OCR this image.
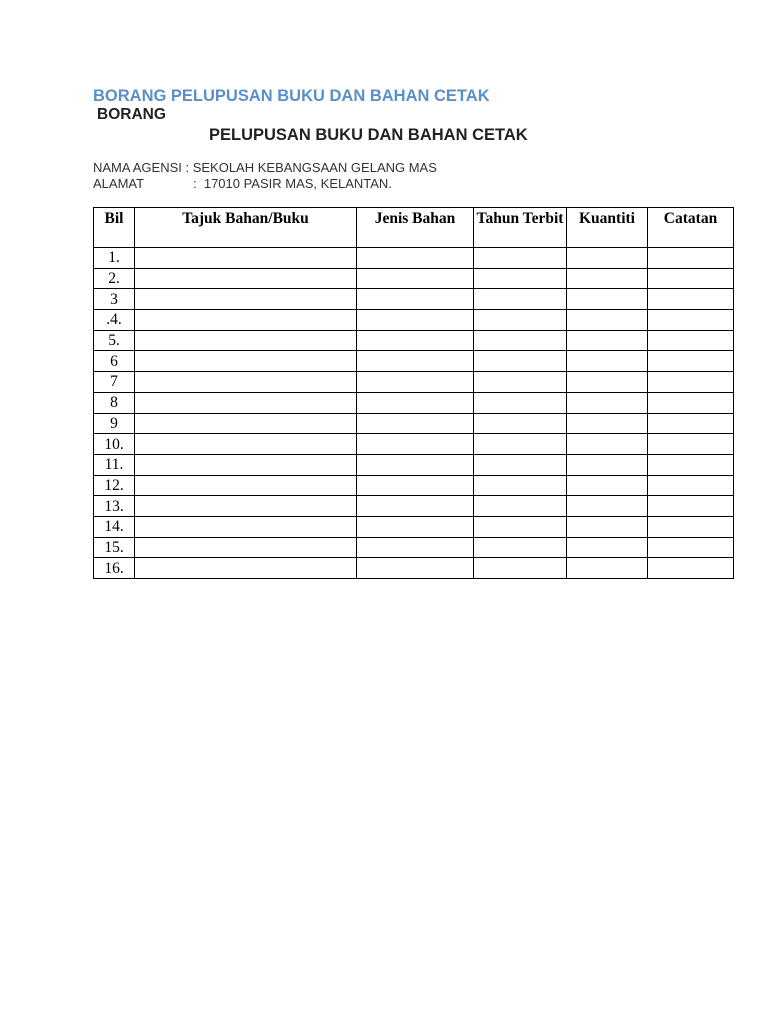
BORANG PELUPUSAN BUKU DAN BAHAN CETAK
BORANG
PELUPUSAN BUKU DAN BAHAN CETAK
NAMA AGENSI : SEKOLAH KEBANGSAAN GELANG MAS
ALAMAT	:  17010 PASIR MAS, KELANTAN.
Bil	Tajuk Bahan/Buku	Jenis Bahan	Tahun Terbit	Kuantiti	Catatan
1.					
2.					
3					
.4.					
5.					
6					
7					
8					
9					
10.					
11.					
12.					
13.					
14.					
15.					
16.					
